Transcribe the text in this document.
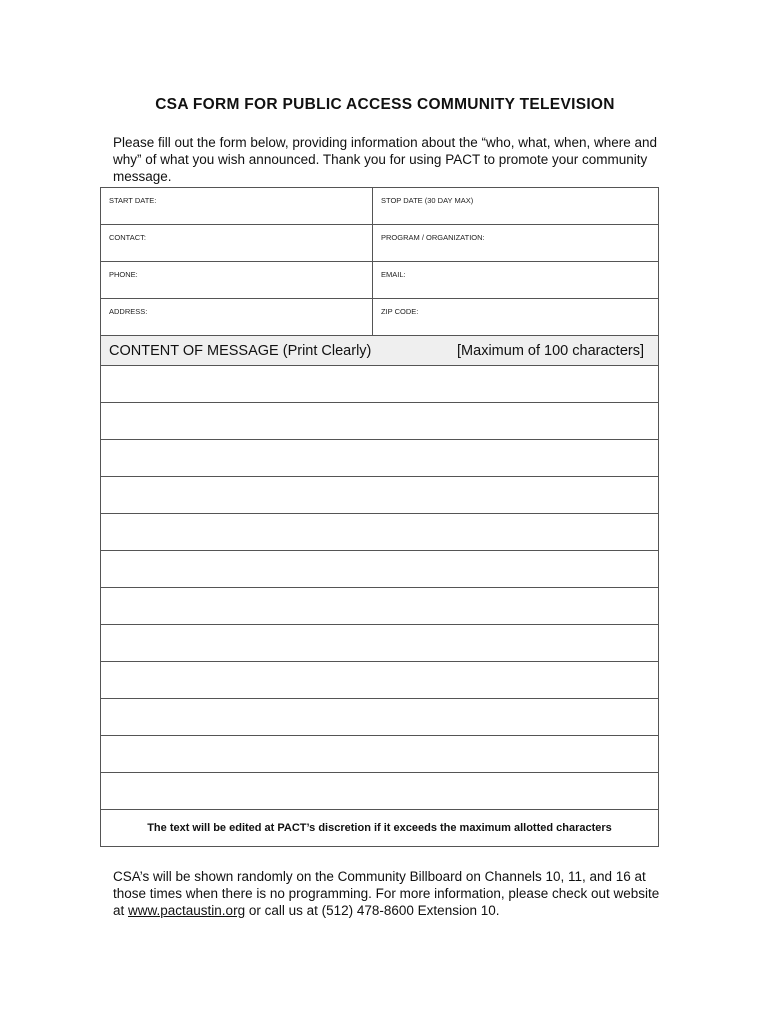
CSA FORM FOR PUBLIC ACCESS COMMUNITY TELEVISION
Please fill out the form below, providing information about the “who, what, when, where and why” of what you wish announced. Thank you for using PACT to promote your community message.
START DATE:	STOP DATE (30 DAY MAX)

CONTACT:	PROGRAM / ORGANIZATION:

PHONE:	EMAIL:

ADDRESS:	ZIP CODE:

CONTENT OF MESSAGE (Print Clearly) [Maximum of 100 characters]	

The text will be edited at PACT’s discretion if it exceeds the maximum allotted characters	
CSA’s will be shown randomly on the Community Billboard on Channels 10, 11, and 16 at those times when there is no programming. For more information, please check out website at www.pactaustin.org or call us at (512) 478-8600 Extension 10.
